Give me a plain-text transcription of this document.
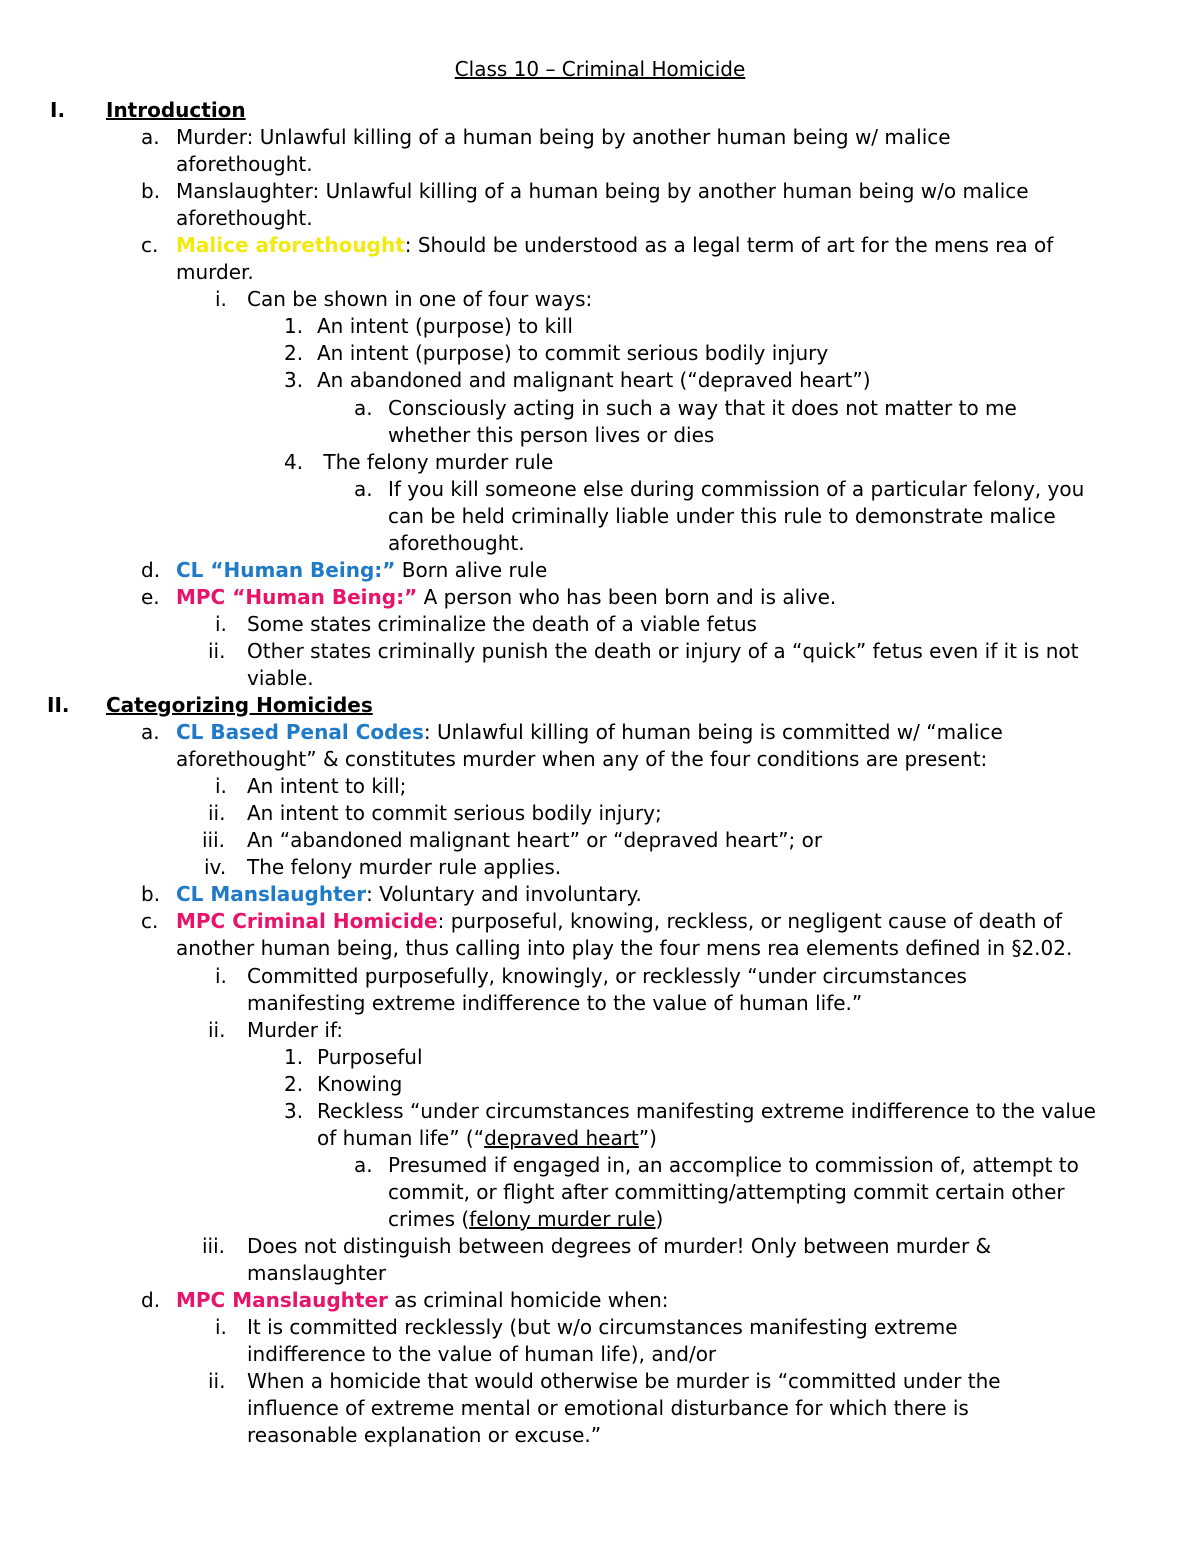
Class 10 – Criminal Homicide
I. Introduction
a. Murder: Unlawful killing of a human being by another human being w/ malice aforethought.
b. Manslaughter: Unlawful killing of a human being by another human being w/o malice aforethought.
c. Malice aforethought: Should be understood as a legal term of art for the mens rea of murder.
i. Can be shown in one of four ways:
1. An intent (purpose) to kill
2. An intent (purpose) to commit serious bodily injury
3. An abandoned and malignant heart (“depraved heart”)
a. Consciously acting in such a way that it does not matter to me whether this person lives or dies
4. The felony murder rule
a. If you kill someone else during commission of a particular felony, you can be held criminally liable under this rule to demonstrate malice aforethought.
d. CL “Human Being:” Born alive rule
e. MPC “Human Being:” A person who has been born and is alive.
i. Some states criminalize the death of a viable fetus
ii. Other states criminally punish the death or injury of a “quick” fetus even if it is not viable.
II. Categorizing Homicides
a. CL Based Penal Codes: Unlawful killing of human being is committed w/ “malice aforethought” & constitutes murder when any of the four conditions are present:
i. An intent to kill;
ii. An intent to commit serious bodily injury;
iii. An “abandoned malignant heart” or “depraved heart”; or
iv. The felony murder rule applies.
b. CL Manslaughter: Voluntary and involuntary.
c. MPC Criminal Homicide: purposeful, knowing, reckless, or negligent cause of death of another human being, thus calling into play the four mens rea elements defined in §2.02.
i. Committed purposefully, knowingly, or recklessly “under circumstances manifesting extreme indifference to the value of human life.”
ii. Murder if:
1. Purposeful
2. Knowing
3. Reckless “under circumstances manifesting extreme indifference to the value of human life” (“depraved heart”)
a. Presumed if engaged in, an accomplice to commission of, attempt to commit, or flight after committing/attempting commit certain other crimes (felony murder rule)
iii. Does not distinguish between degrees of murder! Only between murder & manslaughter
d. MPC Manslaughter as criminal homicide when:
i. It is committed recklessly (but w/o circumstances manifesting extreme indifference to the value of human life), and/or
ii. When a homicide that would otherwise be murder is “committed under the influence of extreme mental or emotional disturbance for which there is reasonable explanation or excuse.”
